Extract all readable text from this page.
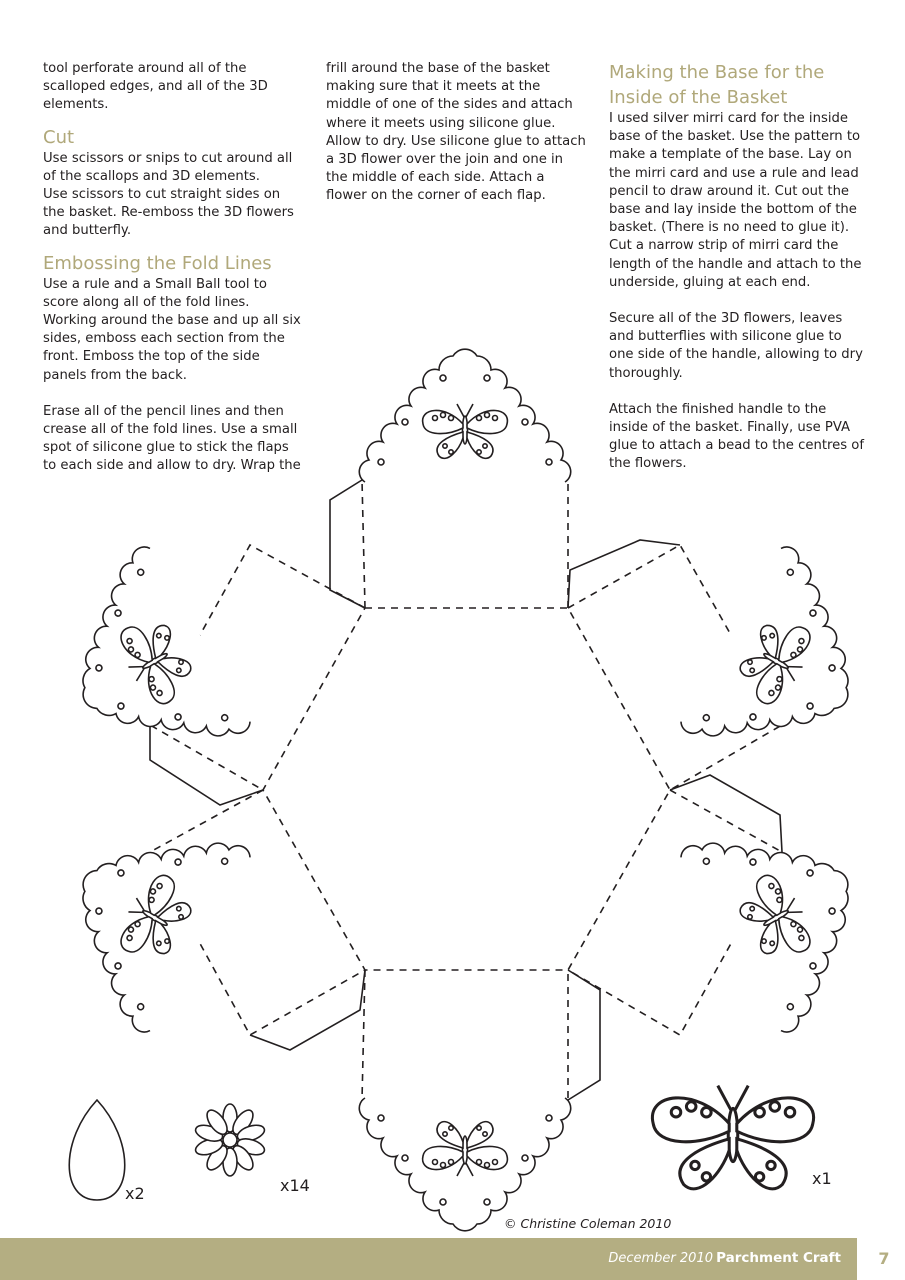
tool perforate around all of the scalloped edges, and all of the 3D elements.

Cut

Use scissors or snips to cut around all of the scallops and 3D elements.

Use scissors to cut straight sides on the basket. Re-emboss the 3D flowers and butterfly.

Embossing the Fold Lines

Use a rule and a Small Ball tool to score along all of the fold lines.

Working around the base and up all six sides, emboss each section from the front. Emboss the top of the side panels from the back.

Erase all of the pencil lines and then crease all of the fold lines. Use a small spot of silicone glue to stick the flaps to each side and allow to dry. Wrap the

frill around the base of the basket making sure that it meets at the middle of one of the sides and attach where it meets using silicone glue. Allow to dry. Use silicone glue to attach a 3D flower over the join and one in the middle of each side. Attach a flower on the corner of each flap.

Making the Base for the Inside of the Basket

I used silver mirri card for the inside base of the basket. Use the pattern to make a template of the base. Lay on the mirri card and use a rule and lead pencil to draw around it. Cut out the base and lay inside the bottom of the basket. (There is no need to glue it). Cut a narrow strip of mirri card the length of the handle and attach to the underside, gluing at each end.

Secure all of the 3D flowers, leaves and butterflies with silicone glue to one side of the handle, allowing to dry thoroughly.

Attach the finished handle to the inside of the basket. Finally, use PVA glue to attach a bead to the centres of the flowers.

x2	x14	x1
© Christine Coleman 2010
December 2010 Parchment Craft	7
